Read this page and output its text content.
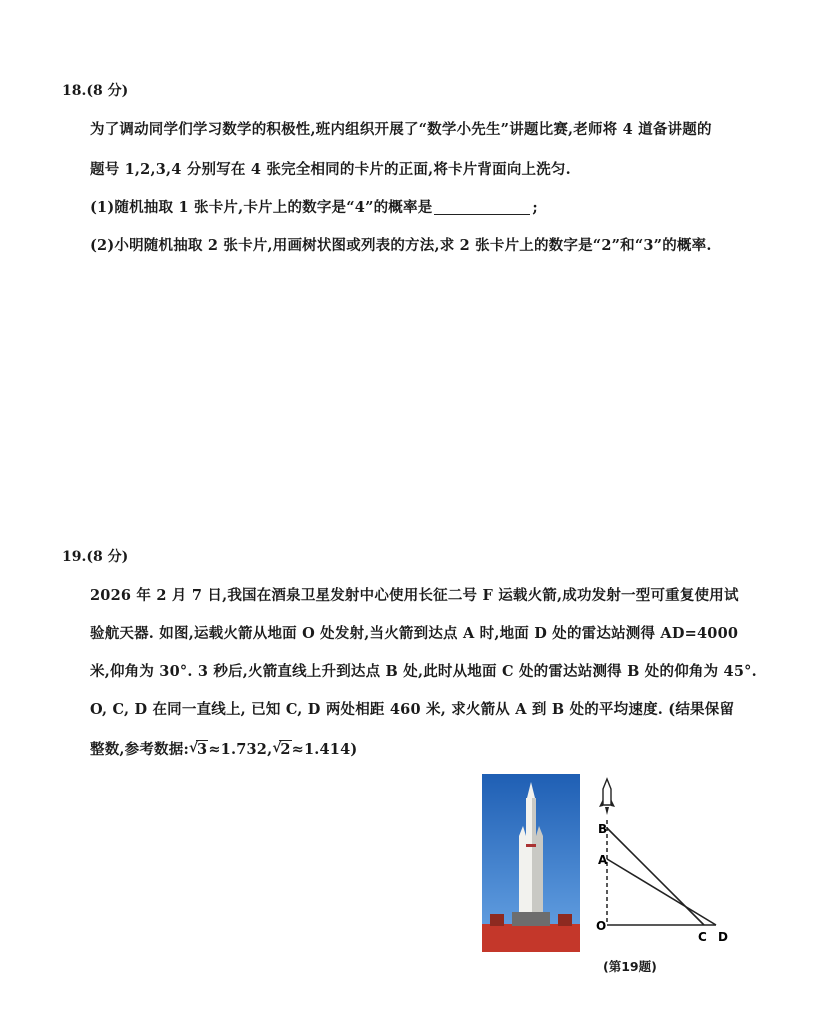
18.(8 分)
为了调动同学们学习数学的积极性,班内组织开展了“数学小先生”讲题比赛,老师将 4 道备讲题的
题号 1,2,3,4 分别写在 4 张完全相同的卡片的正面,将卡片背面向上洗匀.
(1)随机抽取 1 张卡片,卡片上的数字是“4”的概率是	;
(2)小明随机抽取 2 张卡片,用画树状图或列表的方法,求 2 张卡片上的数字是“2”和“3”的概率.
19.(8 分)
2026 年 2 月 7 日,我国在酒泉卫星发射中心使用长征二号 F 运载火箭,成功发射一型可重复使用试
验航天器. 如图,运载火箭从地面 O 处发射,当火箭到达点 A 时,地面 D 处的雷达站测得 AD=4000
米,仰角为 30°. 3 秒后,火箭直线上升到达点 B 处,此时从地面 C 处的雷达站测得 B 处的仰角为 45°.
O, C, D 在同一直线上, 已知 C, D 两处相距 460 米, 求火箭从 A 到 B 处的平均速度. (结果保留
整数,参考数据: √
3≈1.732, √
2≈1.414)
B
A
O
C D
(第19题)
